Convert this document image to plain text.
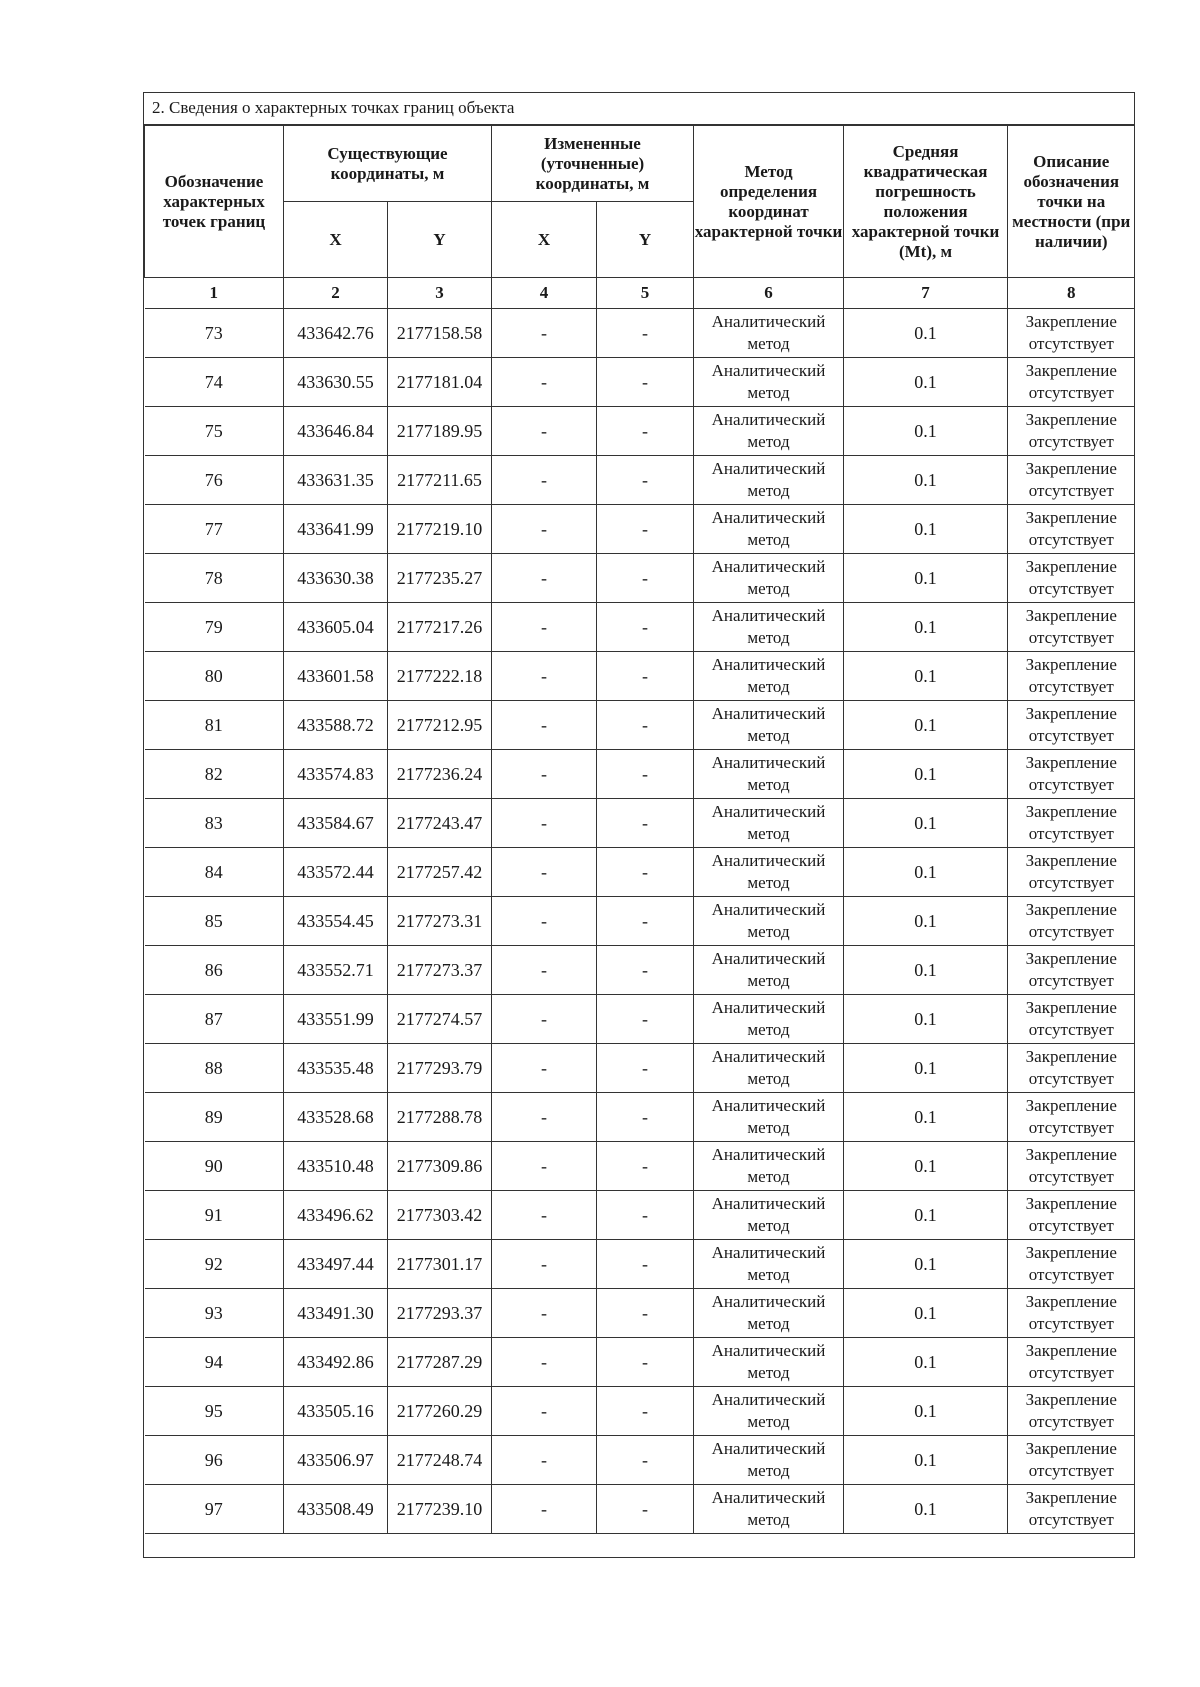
2. Сведения о характерных точках границ объекта
Обозначение характерных точек границ	Существующие координаты, м		Измененные (уточненные) координаты, м		Метод определения координат характерной точки	Средняя квадратическая погрешность положения характерной точки (Mt), м	Описание обозначения точки на местности (при наличии)
	X	Y	X	Y			
1	2	3	4	5	6	7	8
73	433642.76	2177158.58	-	-	Аналитический метод	0.1	Закрепление отсутствует
74	433630.55	2177181.04	-	-	Аналитический метод	0.1	Закрепление отсутствует
75	433646.84	2177189.95	-	-	Аналитический метод	0.1	Закрепление отсутствует
76	433631.35	2177211.65	-	-	Аналитический метод	0.1	Закрепление отсутствует
77	433641.99	2177219.10	-	-	Аналитический метод	0.1	Закрепление отсутствует
78	433630.38	2177235.27	-	-	Аналитический метод	0.1	Закрепление отсутствует
79	433605.04	2177217.26	-	-	Аналитический метод	0.1	Закрепление отсутствует
80	433601.58	2177222.18	-	-	Аналитический метод	0.1	Закрепление отсутствует
81	433588.72	2177212.95	-	-	Аналитический метод	0.1	Закрепление отсутствует
82	433574.83	2177236.24	-	-	Аналитический метод	0.1	Закрепление отсутствует
83	433584.67	2177243.47	-	-	Аналитический метод	0.1	Закрепление отсутствует
84	433572.44	2177257.42	-	-	Аналитический метод	0.1	Закрепление отсутствует
85	433554.45	2177273.31	-	-	Аналитический метод	0.1	Закрепление отсутствует
86	433552.71	2177273.37	-	-	Аналитический метод	0.1	Закрепление отсутствует
87	433551.99	2177274.57	-	-	Аналитический метод	0.1	Закрепление отсутствует
88	433535.48	2177293.79	-	-	Аналитический метод	0.1	Закрепление отсутствует
89	433528.68	2177288.78	-	-	Аналитический метод	0.1	Закрепление отсутствует
90	433510.48	2177309.86	-	-	Аналитический метод	0.1	Закрепление отсутствует
91	433496.62	2177303.42	-	-	Аналитический метод	0.1	Закрепление отсутствует
92	433497.44	2177301.17	-	-	Аналитический метод	0.1	Закрепление отсутствует
93	433491.30	2177293.37	-	-	Аналитический метод	0.1	Закрепление отсутствует
94	433492.86	2177287.29	-	-	Аналитический метод	0.1	Закрепление отсутствует
95	433505.16	2177260.29	-	-	Аналитический метод	0.1	Закрепление отсутствует
96	433506.97	2177248.74	-	-	Аналитический метод	0.1	Закрепление отсутствует
97	433508.49	2177239.10	-	-	Аналитический метод	0.1	Закрепление отсутствует
